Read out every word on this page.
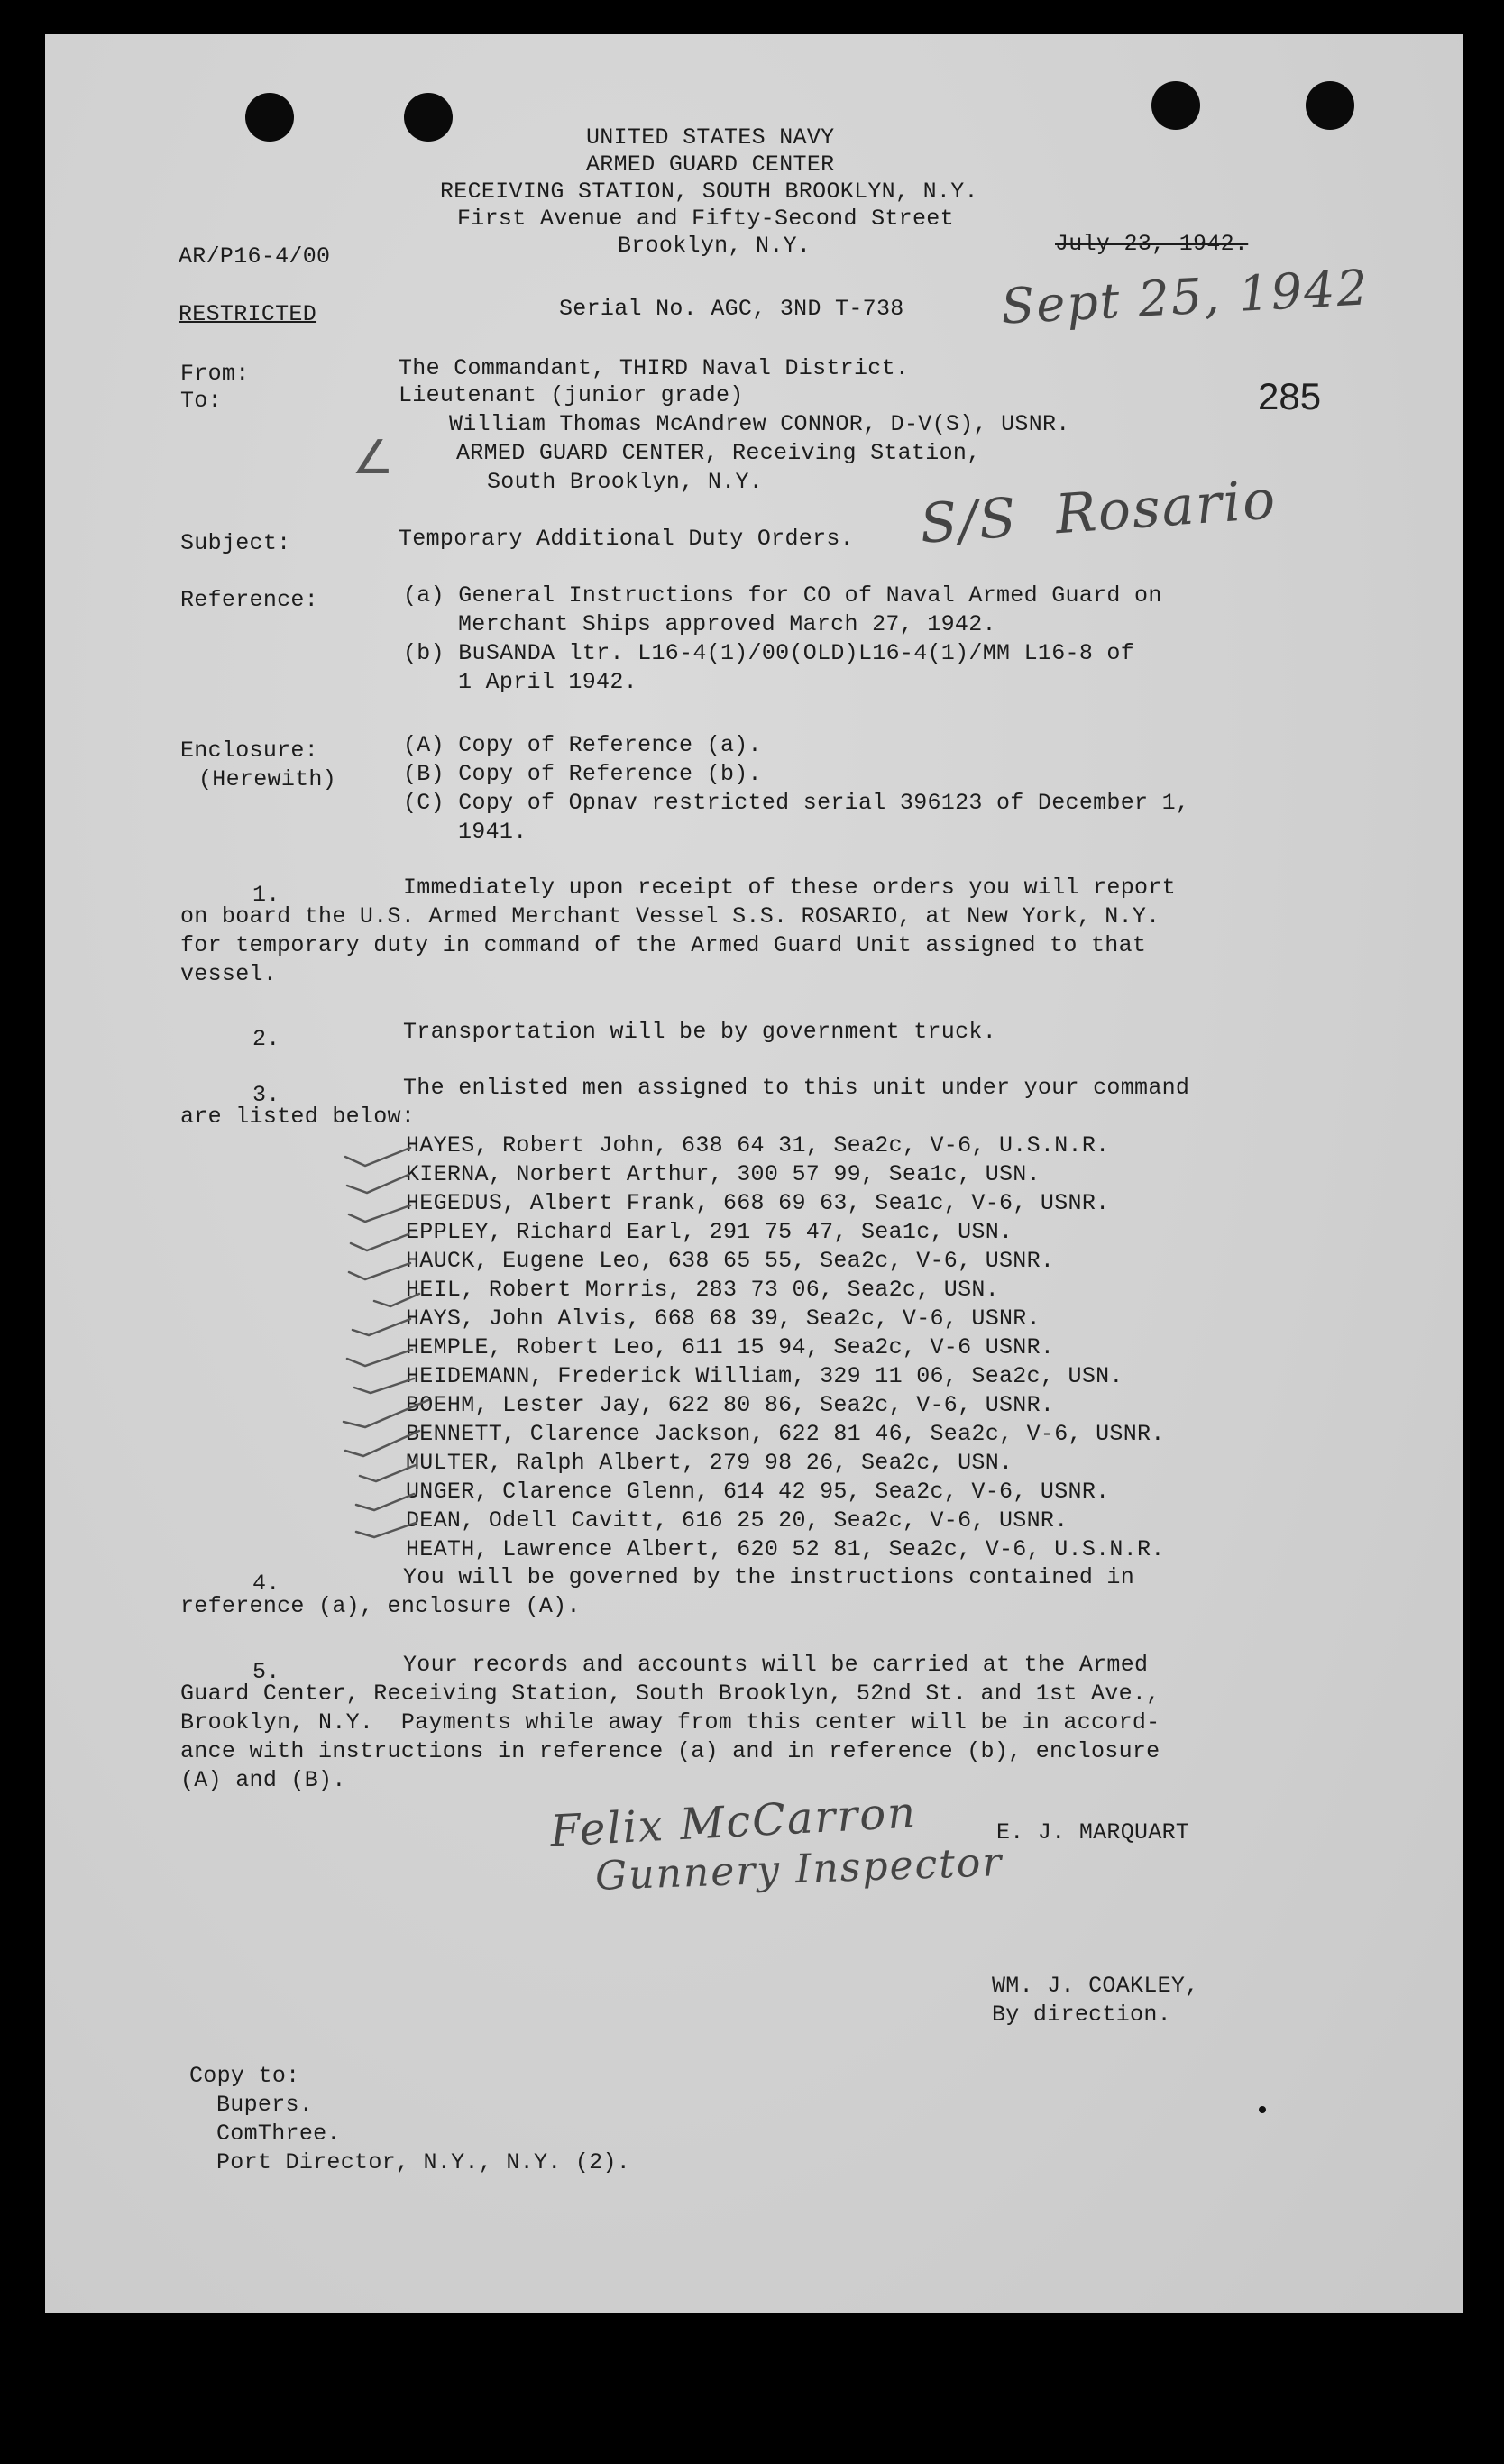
UNITED STATES NAVY
ARMED GUARD CENTER
RECEIVING STATION, SOUTH BROOKLYN, N.Y.
First Avenue and Fifty-Second Street
Brooklyn, N.Y.
AR/P16-4/00	July 23, 1942.
Sept 25, 1942
RESTRICTED	Serial No. AGC, 3ND T-738
285
From:	The Commandant, THIRD Naval District.
To:	Lieutenant (junior grade)
William Thomas McAndrew CONNOR, D-V(S), USNR.
ARMED GUARD CENTER, Receiving Station,
South Brooklyn, N.Y.
∠
S/S  Rosario
Subject:	Temporary Additional Duty Orders.
Reference:	(a) General Instructions for CO of Naval Armed Guard on
Merchant Ships approved March 27, 1942.
(b) BuSANDA ltr. L16-4(1)/00(OLD)L16-4(1)/MM L16-8 of
1 April 1942.
Enclosure:
(Herewith)
(A) Copy of Reference (a).
(B) Copy of Reference (b).
(C) Copy of Opnav restricted serial 396123 of December 1,
1941.
1.	Immediately upon receipt of these orders you will report
on board the U.S. Armed Merchant Vessel S.S. ROSARIO, at New York, N.Y.
for temporary duty in command of the Armed Guard Unit assigned to that
vessel.
2.	Transportation will be by government truck.
3.	The enlisted men assigned to this unit under your command
are listed below:
HAYES, Robert John, 638 64 31, Sea2c, V-6, U.S.N.R.
KIERNA, Norbert Arthur, 300 57 99, Sea1c, USN.
HEGEDUS, Albert Frank, 668 69 63, Sea1c, V-6, USNR.
EPPLEY, Richard Earl, 291 75 47, Sea1c, USN.
HAUCK, Eugene Leo, 638 65 55, Sea2c, V-6, USNR.
HEIL, Robert Morris, 283 73 06, Sea2c, USN.
HAYS, John Alvis, 668 68 39, Sea2c, V-6, USNR.
HEMPLE, Robert Leo, 611 15 94, Sea2c, V-6 USNR.
HEIDEMANN, Frederick William, 329 11 06, Sea2c, USN.
BOEHM, Lester Jay, 622 80 86, Sea2c, V-6, USNR.
BENNETT, Clarence Jackson, 622 81 46, Sea2c, V-6, USNR.
MULTER, Ralph Albert, 279 98 26, Sea2c, USN.
UNGER, Clarence Glenn, 614 42 95, Sea2c, V-6, USNR.
DEAN, Odell Cavitt, 616 25 20, Sea2c, V-6, USNR.
HEATH, Lawrence Albert, 620 52 81, Sea2c, V-6, U.S.N.R.
4.	You will be governed by the instructions contained in
reference (a), enclosure (A).
5.	Your records and accounts will be carried at the Armed
Guard Center, Receiving Station, South Brooklyn, 52nd St. and 1st Ave.,
Brooklyn, N.Y.  Payments while away from this center will be in accord-
ance with instructions in reference (a) and in reference (b), enclosure
(A) and (B).
E. J. MARQUART
Felix McCarron
Gunnery Inspector
WM. J. COAKLEY,
By direction.
Copy to:
Bupers.
ComThree.
Port Director, N.Y., N.Y. (2).
